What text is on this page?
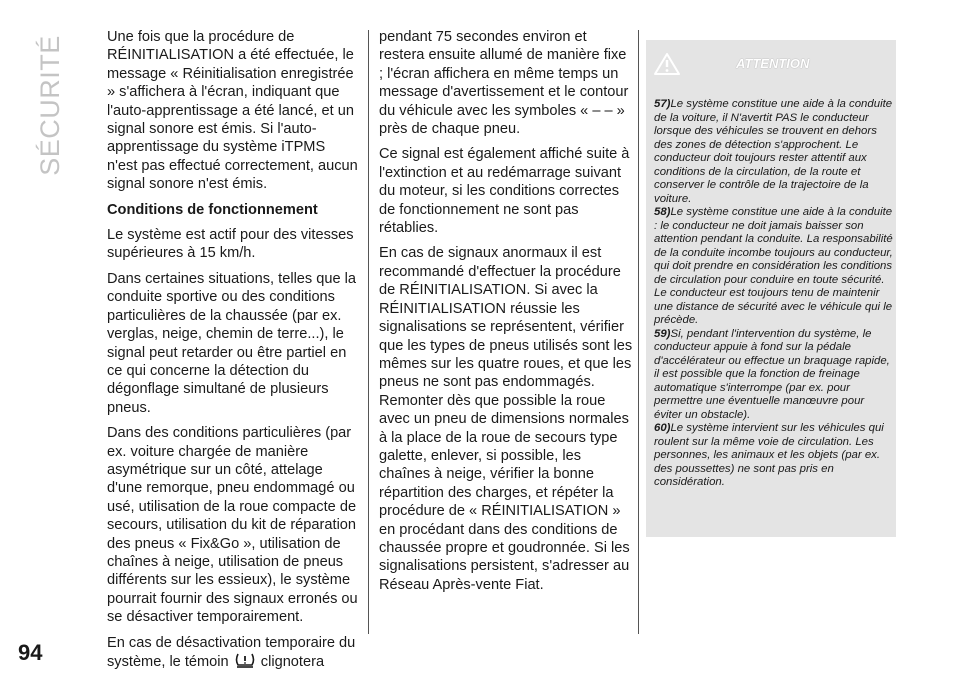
SÉCURITÉ
94

Une fois que la procédure de RÉINITIALISATION a été effectuée, le message « Réinitialisation enregistrée » s'affichera à l'écran, indiquant que l'auto-apprentissage a été lancé, et un signal sonore est émis. Si l'auto-apprentissage du système iTPMS n'est pas effectué correctement, aucun signal sonore n'est émis.

Conditions de fonctionnement

Le système est actif pour des vitesses supérieures à 15 km/h.

Dans certaines situations, telles que la conduite sportive ou des conditions particulières de la chaussée (par ex. verglas, neige, chemin de terre...), le signal peut retarder ou être partiel en ce qui concerne la détection du dégonflage simultané de plusieurs pneus.

Dans des conditions particulières (par ex. voiture chargée de manière asymétrique sur un côté, attelage d'une remorque, pneu endommagé ou usé, utilisation de la roue compacte de secours, utilisation du kit de réparation des pneus « Fix&Go », utilisation de chaînes à neige, utilisation de pneus différents sur les essieux), le système pourrait fournir des signaux erronés ou se désactiver temporairement.

En cas de désactivation temporaire du système, le témoin clignotera

pendant 75 secondes environ et restera ensuite allumé de manière fixe ; l'écran affichera en même temps un message d'avertissement et le contour du véhicule avec les symboles « – – » près de chaque pneu.

Ce signal est également affiché suite à l'extinction et au redémarrage suivant du moteur, si les conditions correctes de fonctionnement ne sont pas rétablies.

En cas de signaux anormaux il est recommandé d'effectuer la procédure de RÉINITIALISATION. Si avec la RÉINITIALISATION réussie les signalisations se représentent, vérifier que les types de pneus utilisés sont les mêmes sur les quatre roues, et que les pneus ne sont pas endommagés. Remonter dès que possible la roue avec un pneu de dimensions normales à la place de la roue de secours type galette, enlever, si possible, les chaînes à neige, vérifier la bonne répartition des charges, et répéter la procédure de « RÉINITIALISATION » en procédant dans des conditions de chaussée propre et goudronnée. Si les signalisations persistent, s'adresser au Réseau Après-vente Fiat.

ATTENTION

57)Le système constitue une aide à la conduite de la voiture, il N'avertit PAS le conducteur lorsque des véhicules se trouvent en dehors des zones de détection s'approchent. Le conducteur doit toujours rester attentif aux conditions de la circulation, de la route et conserver le contrôle de la trajectoire de la voiture.

58)Le système constitue une aide à la conduite : le conducteur ne doit jamais baisser son attention pendant la conduite. La responsabilité de la conduite incombe toujours au conducteur, qui doit prendre en considération les conditions de circulation pour conduire en toute sécurité. Le conducteur est toujours tenu de maintenir une distance de sécurité avec le véhicule qui le précède.

59)Si, pendant l'intervention du système, le conducteur appuie à fond sur la pédale d'accélérateur ou effectue un braquage rapide, il est possible que la fonction de freinage automatique s'interrompe (par ex. pour permettre une éventuelle manœuvre pour éviter un obstacle).

60)Le système intervient sur les véhicules qui roulent sur la même voie de circulation. Les personnes, les animaux et les objets (par ex. des poussettes) ne sont pas pris en considération.
